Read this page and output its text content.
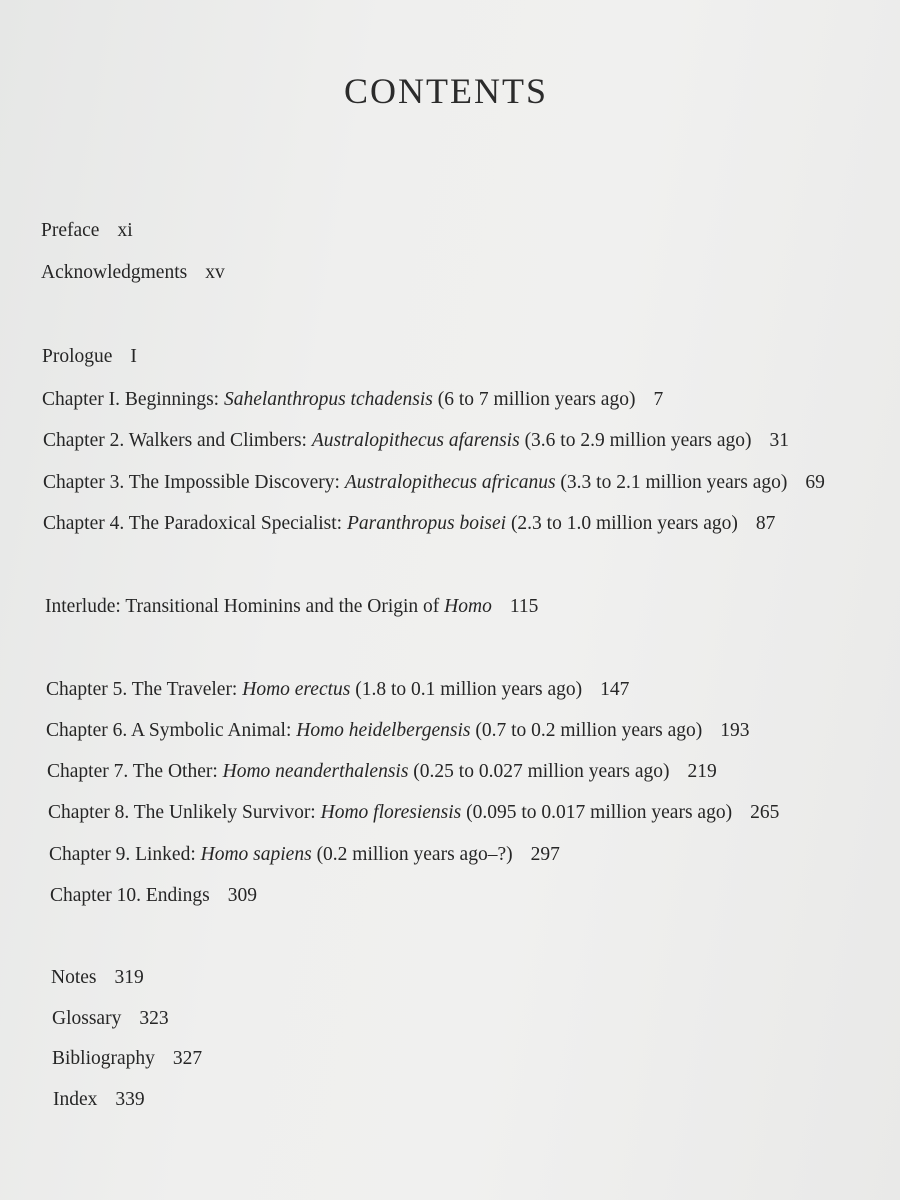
CONTENTS
Preface xi
Acknowledgments xv
Prologue I
Chapter I. Beginnings: Sahelanthropus tchadensis (6 to 7 million years ago) 7
Chapter 2. Walkers and Climbers: Australopithecus afarensis (3.6 to 2.9 million years ago) 31
Chapter 3. The Impossible Discovery: Australopithecus africanus (3.3 to 2.1 million years ago) 69
Chapter 4. The Paradoxical Specialist: Paranthropus boisei (2.3 to 1.0 million years ago) 87
Interlude: Transitional Hominins and the Origin of Homo 115
Chapter 5. The Traveler: Homo erectus (1.8 to 0.1 million years ago) 147
Chapter 6. A Symbolic Animal: Homo heidelbergensis (0.7 to 0.2 million years ago) 193
Chapter 7. The Other: Homo neanderthalensis (0.25 to 0.027 million years ago) 219
Chapter 8. The Unlikely Survivor: Homo floresiensis (0.095 to 0.017 million years ago) 265
Chapter 9. Linked: Homo sapiens (0.2 million years ago–?) 297
Chapter 10. Endings 309
Notes 319
Glossary 323
Bibliography 327
Index 339
